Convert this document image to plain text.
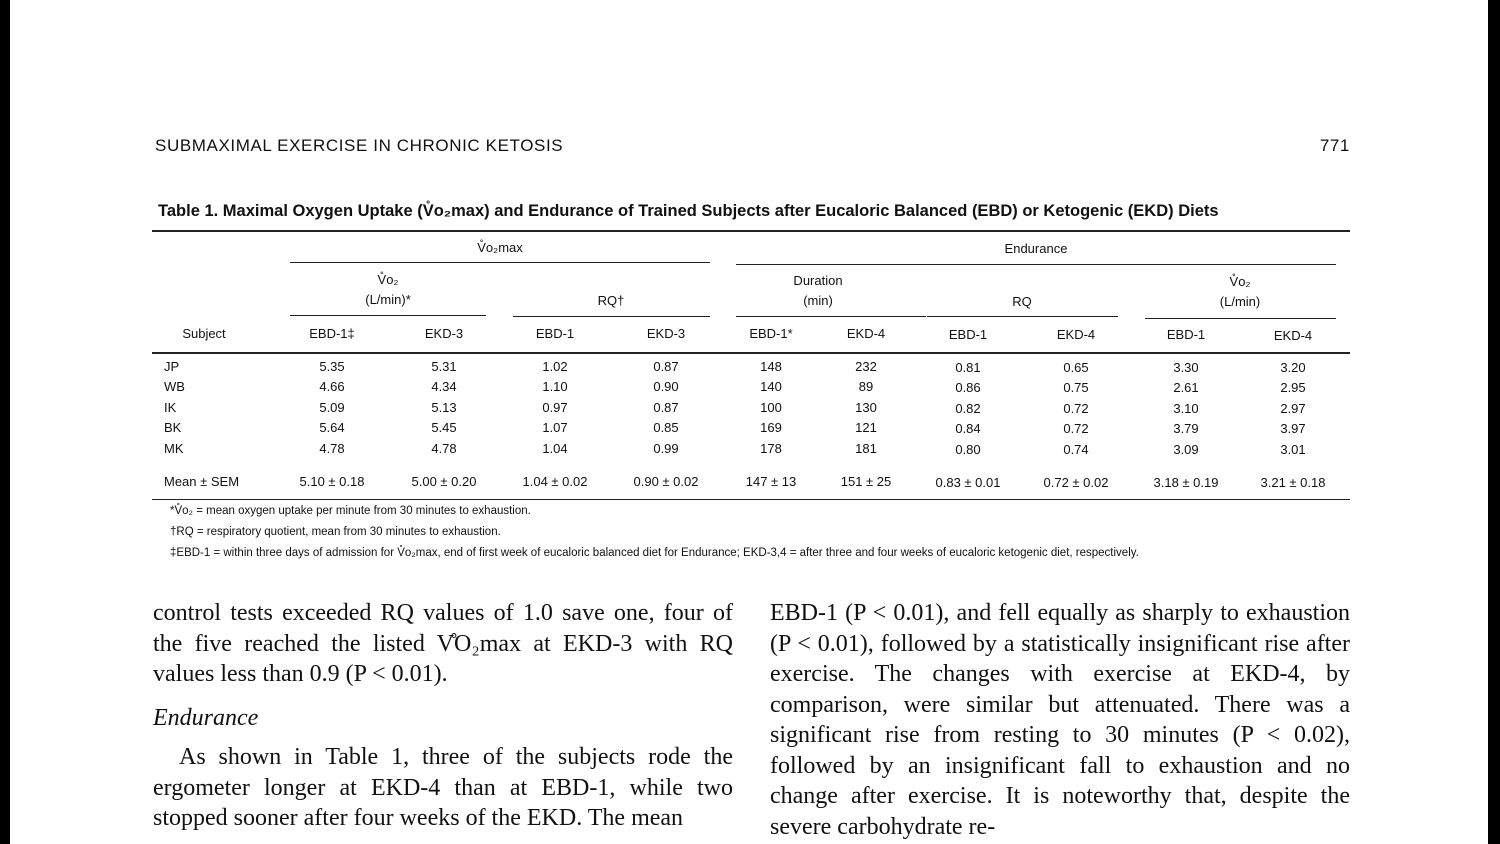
SUBMAXIMAL EXERCISE IN CHRONIC KETOSIS	771
Table 1. Maximal Oxygen Uptake (V̊o₂max) and Endurance of Trained Subjects after Eucaloric Balanced (EBD) or Ketogenic (EKD) Diets
V̊o₂max	Endurance
V̊o₂
(L/min)*	RQ†
Duration
(min)	RQ
V̊o₂
(L/min)
Subject	EBD-1‡	EKD-3	EBD-1	EKD-3	EBD-1*	EKD-4	EBD-1	EKD-4	EBD-1	EKD-4
JP	5.35	5.31	1.02	0.87	148	232	0.81	0.65	3.30	3.20
WB	4.66	4.34	1.10	0.90	140	89	0.86	0.75	2.61	2.95
IK	5.09	5.13	0.97	0.87	100	130	0.82	0.72	3.10	2.97
BK	5.64	5.45	1.07	0.85	169	121	0.84	0.72	3.79	3.97
MK	4.78	4.78	1.04	0.99	178	181	0.80	0.74	3.09	3.01
Mean ± SEM	5.10 ± 0.18	5.00 ± 0.20	1.04 ± 0.02	0.90 ± 0.02	147 ± 13	151 ± 25	0.83 ± 0.01	0.72 ± 0.02	3.18 ± 0.19	3.21 ± 0.18
*V̊o₂ = mean oxygen uptake per minute from 30 minutes to exhaustion.
†RQ = respiratory quotient, mean from 30 minutes to exhaustion.
‡EBD-1 = within three days of admission for V̊o₂max, end of first week of eucaloric balanced diet for Endurance; EKD-3,4 = after three and four weeks of eucaloric ketogenic diet, respectively.

control tests exceeded RQ values of 1.0 save one, four of the five reached the listed V̊O₂max at EKD-3 with RQ values less than 0.9 (P < 0.01).

Endurance

As shown in Table 1, three of the subjects rode the ergometer longer at EKD-4 than at EBD-1, while two stopped sooner after four weeks of the EKD. The mean

EBD-1 (P < 0.01), and fell equally as sharply to exhaustion (P < 0.01), followed by a statistically insignificant rise after exercise. The changes with exercise at EKD-4, by comparison, were similar but attenuated. There was a significant rise from resting to 30 minutes (P < 0.02), followed by an insignificant fall to exhaustion and no change after exercise. It is noteworthy that, despite the severe carbohydrate re-
